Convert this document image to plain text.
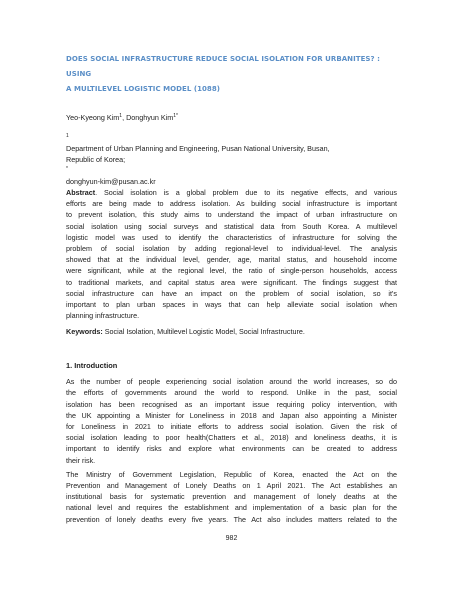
DOES SOCIAL INFRASTRUCTURE REDUCE SOCIAL ISOLATION FOR URBANITES? : USING
A MULTILEVEL LOGISTIC MODEL (1088)
Yeo-Kyeong Kim$^1$, Donghyun Kim$^{1*}$
$^1$
Department of Urban Planning and Engineering, Pusan National University, Busan,
Republic of Korea;
*
donghyun-kim@pusan.ac.kr
Abstract. Social isolation is a global problem due to its negative effects, and various
efforts are being made to address isolation. As building social infrastructure is important
to prevent isolation, this study aims to understand the impact of urban infrastructure on
social isolation using social surveys and statistical data from South Korea. A multilevel
logistic model was used to identify the characteristics of infrastructure for solving the
problem of social isolation by adding regional-level to individual-level. The analysis
showed that at the individual level, gender, age, marital status, and household income
were significant, while at the regional level, the ratio of single-person households, access
to traditional markets, and capital status area were significant. The findings suggest that
social infrastructure can have an impact on the problem of social isolation, so it's
important to plan urban spaces in ways that can help alleviate social isolation when
planning infrastructure.
Keywords: Social Isolation, Multilevel Logistic Model, Social Infrastructure.
1. Introduction
As the number of people experiencing social isolation around the world increases, so do
the efforts of governments around the world to respond. Unlike in the past, social
isolation has been recognised as an important issue requiring policy intervention, with
the UK appointing a Minister for Loneliness in 2018 and Japan also appointing a Minister
for Loneliness in 2021 to initiate efforts to address social isolation. Given the risk of
social isolation leading to poor health(Chatters et al., 2018) and loneliness deaths, it is
important to identify risks and explore what environments can be created to address
their risk.
The Ministry of Government Legislation, Republic of Korea, enacted the Act on the
Prevention and Management of Lonely Deaths on 1 April 2021. The Act establishes an
institutional basis for systematic prevention and management of lonely deaths at the
national level and requires the establishment and implementation of a basic plan for the
prevention of lonely deaths every five years. The Act also includes matters related to the
982
